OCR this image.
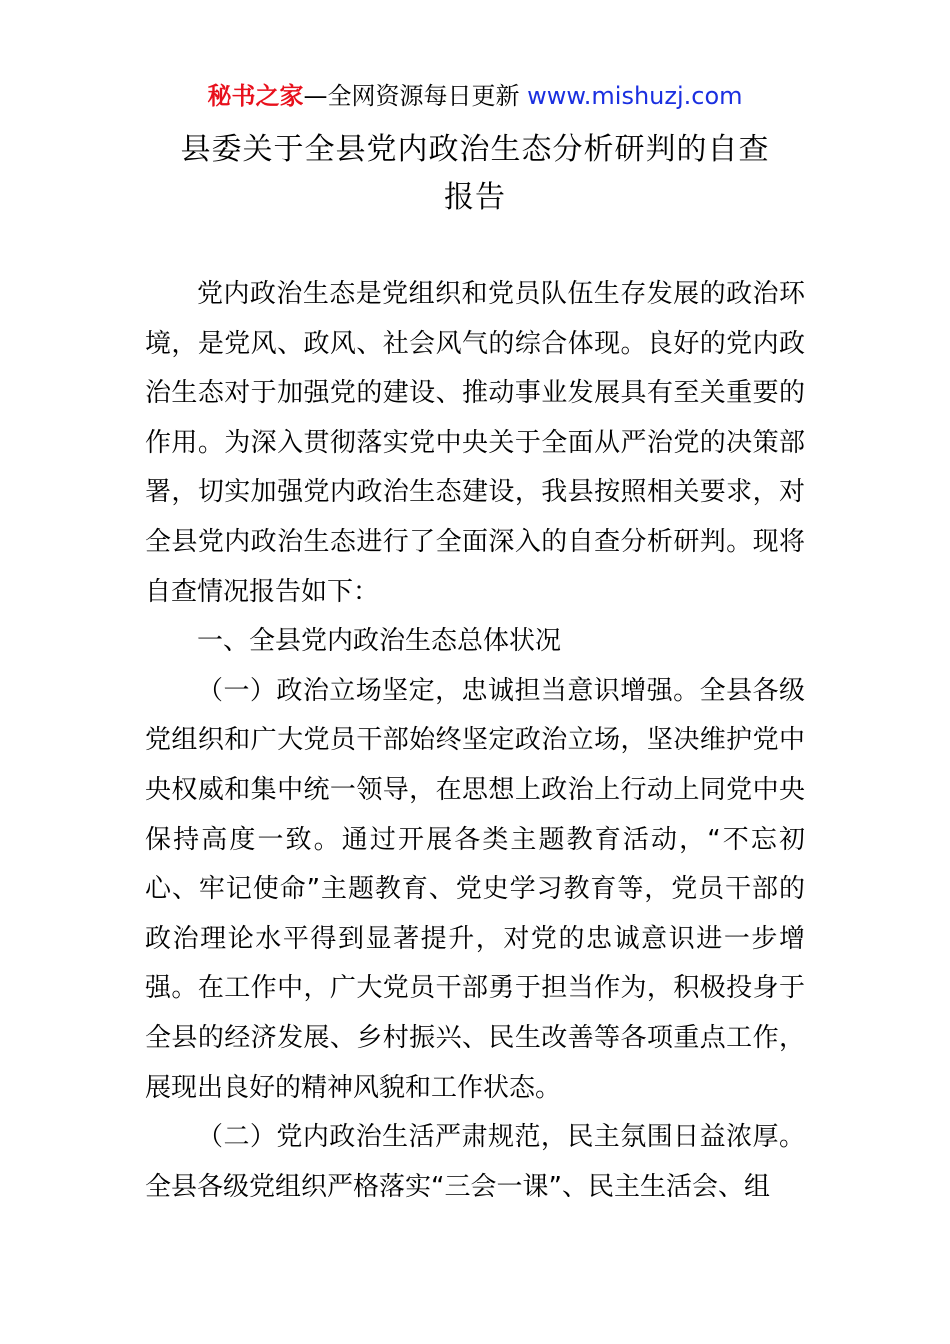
秘书之家—全网资源每日更新 www.mishuzj.com
县委关于全县党内政治生态分析研判的自查
报告

党内政治生态是党组织和党员队伍生存发展的政治环境，是党风、政风、社会风气的综合体现。良好的党内政治生态对于加强党的建设、推动事业发展具有至关重要的作用。为深入贯彻落实党中央关于全面从严治党的决策部署，切实加强党内政治生态建设，我县按照相关要求，对全县党内政治生态进行了全面深入的自查分析研判。现将自查情况报告如下：

一、全县党内政治生态总体状况

（一）政治立场坚定，忠诚担当意识增强。全县各级党组织和广大党员干部始终坚定政治立场，坚决维护党中央权威和集中统一领导，在思想上政治上行动上同党中央保持高度一致。通过开展各类主题教育活动，“不忘初心、牢记使命”主题教育、党史学习教育等，党员干部的政治理论水平得到显著提升，对党的忠诚意识进一步增强。在工作中，广大党员干部勇于担当作为，积极投身于全县的经济发展、乡村振兴、民生改善等各项重点工作，展现出良好的精神风貌和工作状态。

（二）党内政治生活严肃规范，民主氛围日益浓厚。全县各级党组织严格落实“三会一课”、民主生活会、组
